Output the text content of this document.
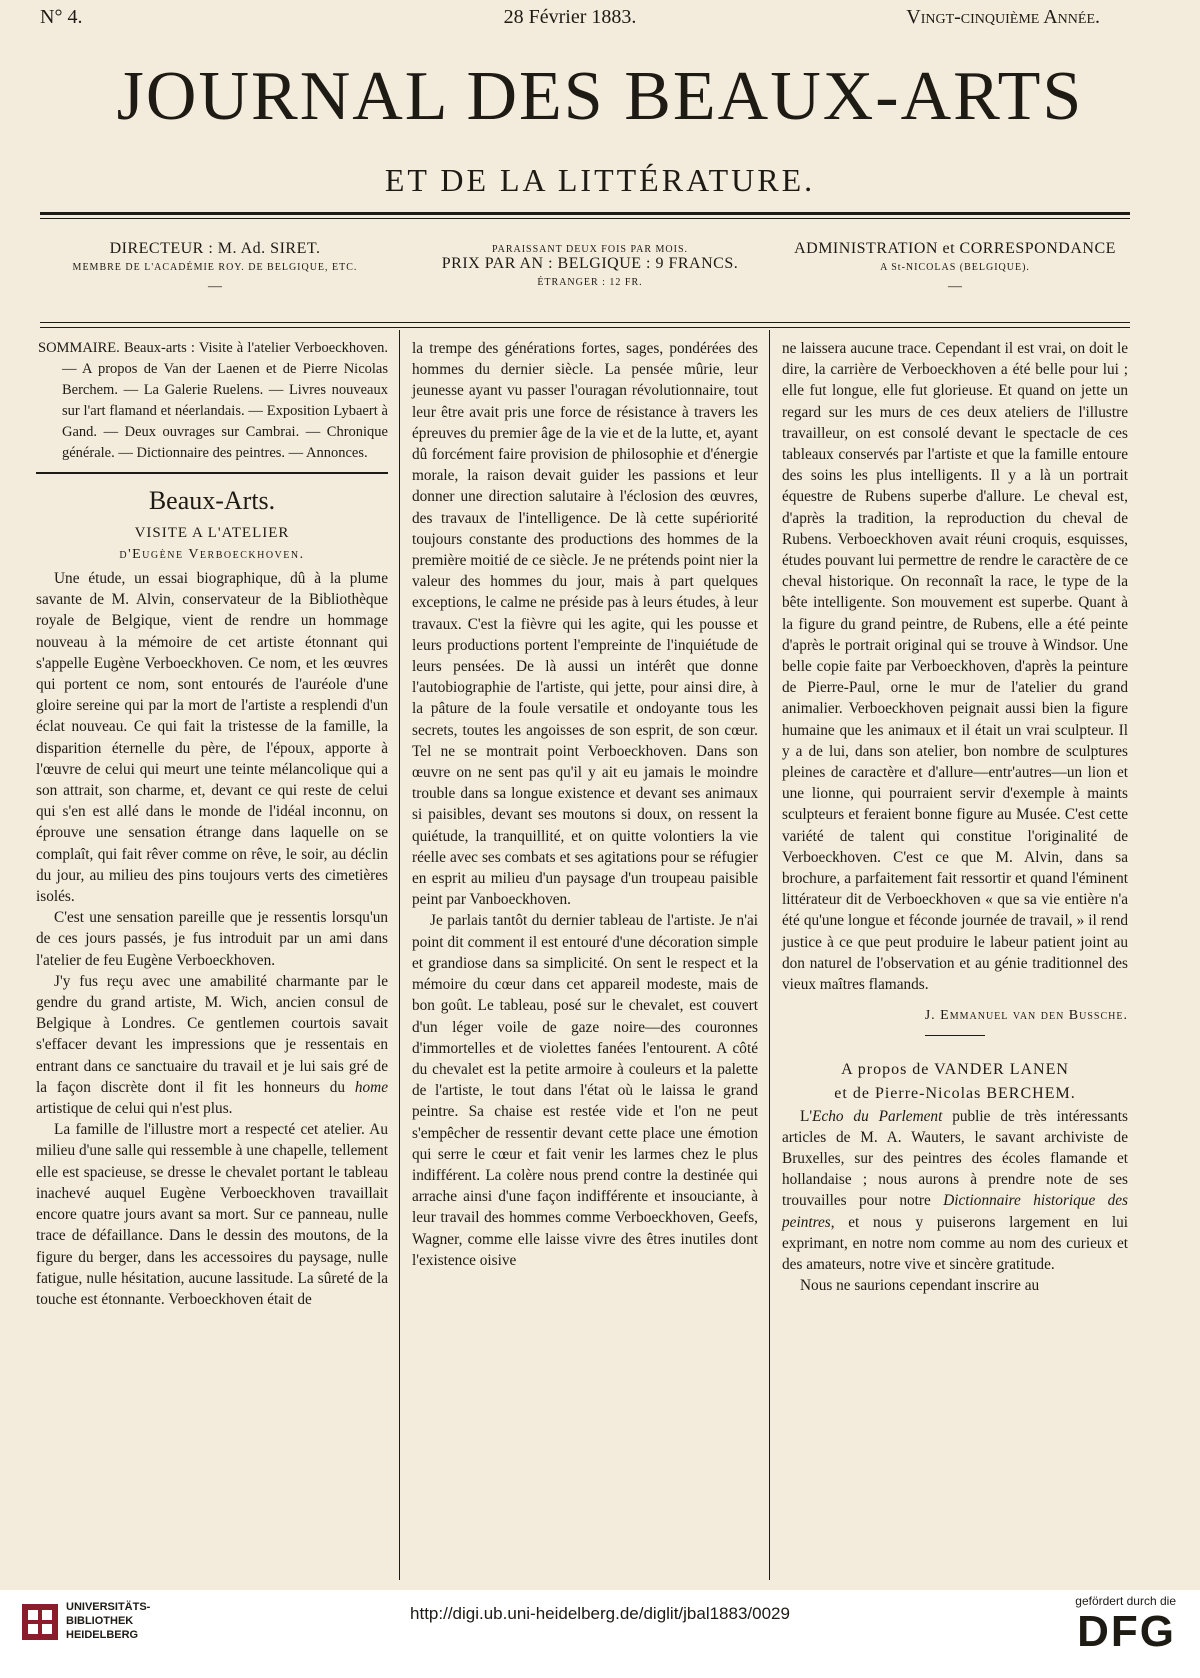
N° 4.	28 Février 1883.	Vingt-cinquième Année.
JOURNAL DES BEAUX-ARTS
ET DE LA LITTÉRATURE.
DIRECTEUR : M. Ad. SIRET.
MEMBRE DE L'ACADÉMIE ROY. DE BELGIQUE, ETC.
—
PARAISSANT DEUX FOIS PAR MOIS.
PRIX PAR AN : BELGIQUE : 9 FRANCS.
ÉTRANGER : 12 FR.
ADMINISTRATION et CORRESPONDANCE
A St-NICOLAS (BELGIQUE).
—

SOMMAIRE. Beaux-arts : Visite à l'atelier Verboeckhoven. — A propos de Van der Laenen et de Pierre Nicolas Berchem. — La Galerie Ruelens. — Livres nouveaux sur l'art flamand et néerlandais. — Exposition Lybaert à Gand. — Deux ouvrages sur Cambrai. — Chronique générale. — Dictionnaire des peintres. — Annonces.

Beaux-Arts.
VISITE A L'ATELIER
d'Eugène Verboeckhoven.

Une étude, un essai biographique, dû à la plume savante de M. Alvin, conservateur de la Bibliothèque royale de Belgique, vient de rendre un hommage nouveau à la mémoire de cet artiste étonnant qui s'appelle Eugène Verboeckhoven. Ce nom, et les œuvres qui portent ce nom, sont entourés de l'auréole d'une gloire sereine qui par la mort de l'artiste a resplendi d'un éclat nouveau. Ce qui fait la tristesse de la famille, la disparition éternelle du père, de l'époux, apporte à l'œuvre de celui qui meurt une teinte mélancolique qui a son attrait, son charme, et, devant ce qui reste de celui qui s'en est allé dans le monde de l'idéal inconnu, on éprouve une sensation étrange dans laquelle on se complaît, qui fait rêver comme on rêve, le soir, au déclin du jour, au milieu des pins toujours verts des cimetières isolés.

C'est une sensation pareille que je ressentis lorsqu'un de ces jours passés, je fus introduit par un ami dans l'atelier de feu Eugène Verboeckhoven.

J'y fus reçu avec une amabilité charmante par le gendre du grand artiste, M. Wich, ancien consul de Belgique à Londres. Ce gentlemen courtois savait s'effacer devant les impressions que je ressentais en entrant dans ce sanctuaire du travail et je lui sais gré de la façon discrète dont il fit les honneurs du home artistique de celui qui n'est plus.

La famille de l'illustre mort a respecté cet atelier. Au milieu d'une salle qui ressemble à une chapelle, tellement elle est spacieuse, se dresse le chevalet portant le tableau inachevé auquel Eugène Verboeckhoven travaillait encore quatre jours avant sa mort. Sur ce panneau, nulle trace de défaillance. Dans le dessin des moutons, de la figure du berger, dans les accessoires du paysage, nulle fatigue, nulle hésitation, aucune lassitude. La sûreté de la touche est étonnante. Verboeckhoven était de

la trempe des générations fortes, sages, pondérées des hommes du dernier siècle. La pensée mûrie, leur jeunesse ayant vu passer l'ouragan révolutionnaire, tout leur être avait pris une force de résistance à travers les épreuves du premier âge de la vie et de la lutte, et, ayant dû forcément faire provision de philosophie et d'énergie morale, la raison devait guider les passions et leur donner une direction salutaire à l'éclosion des œuvres, des travaux de l'intelligence. De là cette supériorité toujours constante des productions des hommes de la première moitié de ce siècle. Je ne prétends point nier la valeur des hommes du jour, mais à part quelques exceptions, le calme ne préside pas à leurs études, à leur travaux. C'est la fièvre qui les agite, qui les pousse et leurs productions portent l'empreinte de l'inquiétude de leurs pensées. De là aussi un intérêt que donne l'autobiographie de l'artiste, qui jette, pour ainsi dire, à la pâture de la foule versatile et ondoyante tous les secrets, toutes les angoisses de son esprit, de son cœur. Tel ne se montrait point Verboeckhoven. Dans son œuvre on ne sent pas qu'il y ait eu jamais le moindre trouble dans sa longue existence et devant ses animaux si paisibles, devant ses moutons si doux, on ressent la quiétude, la tranquillité, et on quitte volontiers la vie réelle avec ses combats et ses agitations pour se réfugier en esprit au milieu d'un paysage d'un troupeau paisible peint par Vanboeckhoven.

Je parlais tantôt du dernier tableau de l'artiste. Je n'ai point dit comment il est entouré d'une décoration simple et grandiose dans sa simplicité. On sent le respect et la mémoire du cœur dans cet appareil modeste, mais de bon goût. Le tableau, posé sur le chevalet, est couvert d'un léger voile de gaze noire—des couronnes d'immortelles et de violettes fanées l'entourent. A côté du chevalet est la petite armoire à couleurs et la palette de l'artiste, le tout dans l'état où le laissa le grand peintre. Sa chaise est restée vide et l'on ne peut s'empêcher de ressentir devant cette place une émotion qui serre le cœur et fait venir les larmes chez le plus indifférent. La colère nous prend contre la destinée qui arrache ainsi d'une façon indifférente et insouciante, à leur travail des hommes comme Verboeckhoven, Geefs, Wagner, comme elle laisse vivre des êtres inutiles dont l'existence oisive

ne laissera aucune trace. Cependant il est vrai, on doit le dire, la carrière de Verboeckhoven a été belle pour lui ; elle fut longue, elle fut glorieuse. Et quand on jette un regard sur les murs de ces deux ateliers de l'illustre travailleur, on est consolé devant le spectacle de ces tableaux conservés par l'artiste et que la famille entoure des soins les plus intelligents. Il y a là un portrait équestre de Rubens superbe d'allure. Le cheval est, d'après la tradition, la reproduction du cheval de Rubens. Verboeckhoven avait réuni croquis, esquisses, études pouvant lui permettre de rendre le caractère de ce cheval historique. On reconnaît la race, le type de la bête intelligente. Son mouvement est superbe. Quant à la figure du grand peintre, de Rubens, elle a été peinte d'après le portrait original qui se trouve à Windsor. Une belle copie faite par Verboeckhoven, d'après la peinture de Pierre-Paul, orne le mur de l'atelier du grand animalier. Verboeckhoven peignait aussi bien la figure humaine que les animaux et il était un vrai sculpteur. Il y a de lui, dans son atelier, bon nombre de sculptures pleines de caractère et d'allure—entr'autres—un lion et une lionne, qui pourraient servir d'exemple à maints sculpteurs et feraient bonne figure au Musée. C'est cette variété de talent qui constitue l'originalité de Verboeckhoven. C'est ce que M. Alvin, dans sa brochure, a parfaitement fait ressortir et quand l'éminent littérateur dit de Verboeckhoven « que sa vie entière n'a été qu'une longue et féconde journée de travail, » il rend justice à ce que peut produire le labeur patient joint au don naturel de l'observation et au génie traditionnel des vieux maîtres flamands.

J. Emmanuel van den Bussche.

A propos de VANDER LANEN
et de Pierre-Nicolas BERCHEM.

L'Echo du Parlement publie de très intéressants articles de M. A. Wauters, le savant archiviste de Bruxelles, sur des peintres des écoles flamande et hollandaise ; nous aurons à prendre note de ses trouvailles pour notre Dictionnaire historique des peintres, et nous y puiserons largement en lui exprimant, en notre nom comme au nom des curieux et des amateurs, notre vive et sincère gratitude.

Nous ne saurions cependant inscrire au

UNIVERSITÄTS-
BIBLIOTHEK
HEIDELBERG
http://digi.ub.uni-heidelberg.de/diglit/jbal1883/0029
gefördert durch die
DFG
